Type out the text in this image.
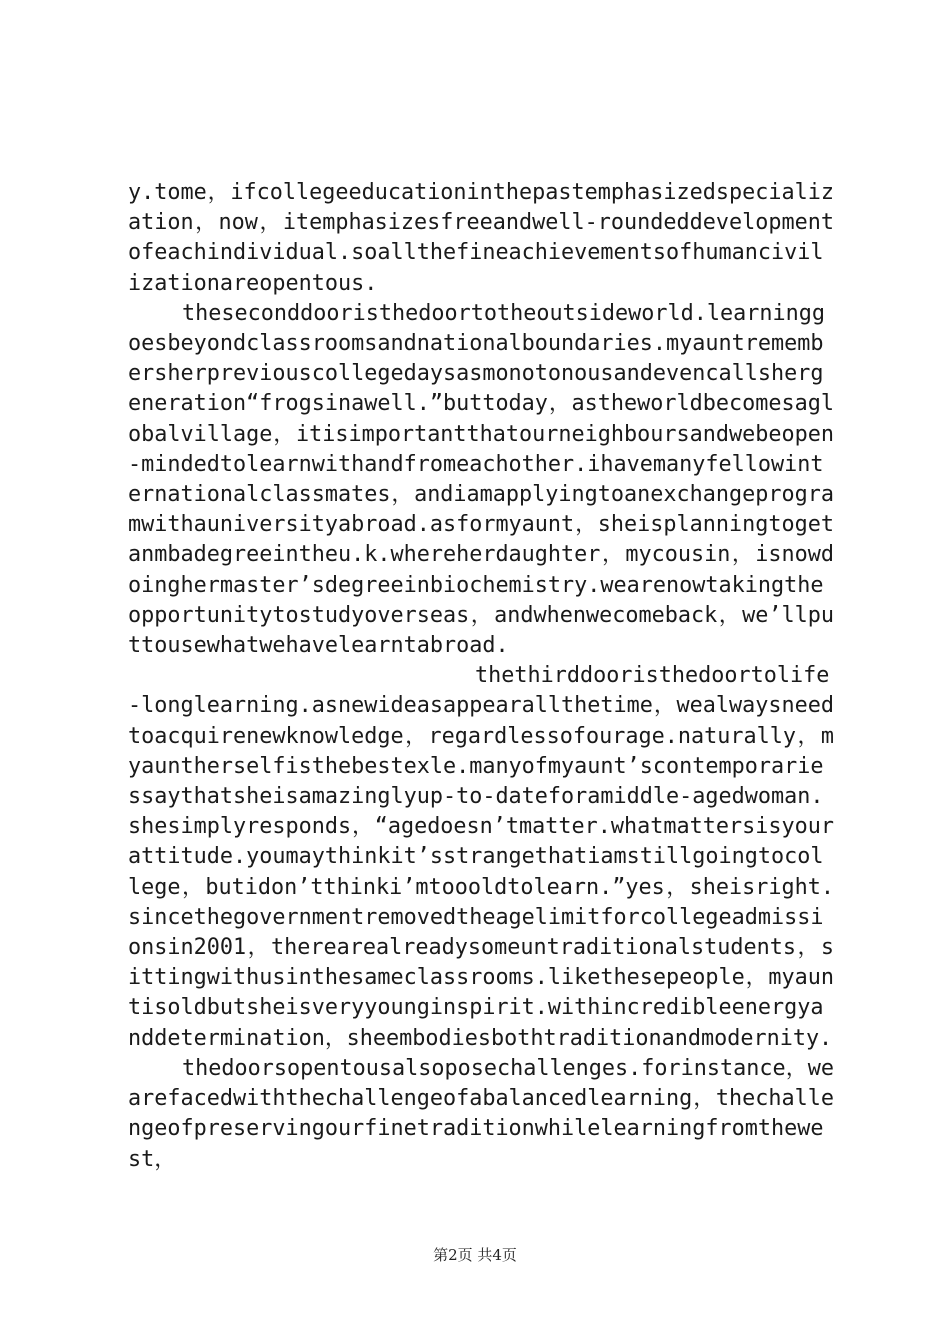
y.tome，ifcollegeeducationinthepastemphasizedspecialization，now，itemphasizesfreeandwell-roundeddevelopmentofeachindividual.soallthefineachievementsofhumancivilizationareopentous.

theseconddooristhedoortotheoutsideworld.learninggoesbeyondclassroomsandnationalboundaries.myauntremembersherpreviouscollegedaysasmonotonousandevencallshergeneration“frogsinawell.”buttoday，astheworldbecomesaglobalvillage，itisimportantthatourneighboursandwebeopen-mindedtolearnwithandfromeachother.ihavemanyfellowinternationalclassmates，andiamapplyingtoanexchangeprogramwithauniversityabroad.asformyaunt，sheisplanningtogetanmbadegreeintheu.k.whereherdaughter，mycousin，isnowdoinghermaster’sdegreeinbiochemistry.wearenowtakingtheopportunitytostudyoverseas，andwhenwecomeback，we’llputtousewhatwehavelearntabroad.

thethirddooristhedoortolife-longlearning.asnewideasappearallthetime，wealwaysneedtoacquirenewknowledge，regardlessofourage.naturally，myauntherselfisthebestexle.manyofmyaunt’scontemporariessaythatsheisamazinglyup-to-dateforamiddle-agedwoman.shesimplyresponds，“agedoesn’tmatter.whatmattersisyourattitude.youmaythinkit’sstrangethatiamstillgoingtocollege，butidon’tthinki’mtoooldtolearn.”yes，sheisright.sincethegovernmentremovedtheagelimitforcollegeadmissionsin2001，therearealreadysomeuntraditionalstudents，sittingwithusinthesameclassrooms.likethesepeople，myauntisoldbutsheisveryyounginspirit.withincredibleenergyanddetermination，sheembodiesbothtraditionandmodernity.

thedoorsopentousalsoposechallenges.forinstance，wearefacedwiththechallengeofabalancedlearning，thechallengeofpreservingourfinetraditionwhilelearningfromthewest，

第2页 共4页
